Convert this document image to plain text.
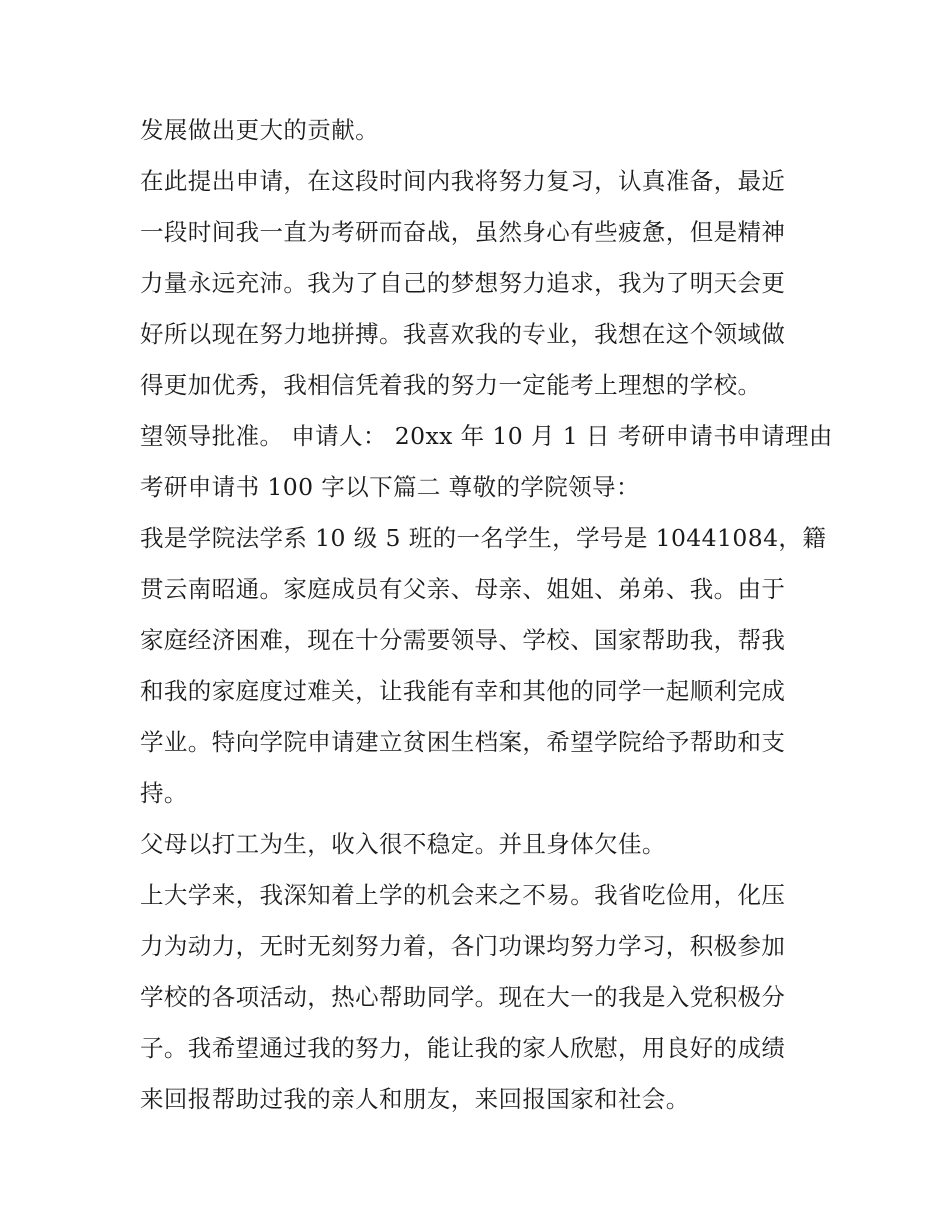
发展做出更大的贡献。
在此提出申请，在这段时间内我将努力复习，认真准备，最近
一段时间我一直为考研而奋战，虽然身心有些疲惫，但是精神
力量永远充沛。我为了自己的梦想努力追求，我为了明天会更
好所以现在努力地拼搏。我喜欢我的专业，我想在这个领域做
得更加优秀，我相信凭着我的努力一定能考上理想的学校。
望领导批准。 申请人： 20xx 年 10 月 1 日 考研申请书申请理由
考研申请书 100 字以下篇二 尊敬的学院领导：
我是学院法学系 10 级 5 班的一名学生，学号是 10441084，籍
贯云南昭通。家庭成员有父亲、母亲、姐姐、弟弟、我。由于
家庭经济困难，现在十分需要领导、学校、国家帮助我，帮我
和我的家庭度过难关，让我能有幸和其他的同学一起顺利完成
学业。特向学院申请建立贫困生档案，希望学院给予帮助和支
持。
父母以打工为生，收入很不稳定。并且身体欠佳。
上大学来，我深知着上学的机会来之不易。我省吃俭用，化压
力为动力，无时无刻努力着，各门功课均努力学习，积极参加
学校的各项活动，热心帮助同学。现在大一的我是入党积极分
子。我希望通过我的努力，能让我的家人欣慰，用良好的成绩
来回报帮助过我的亲人和朋友，来回报国家和社会。
